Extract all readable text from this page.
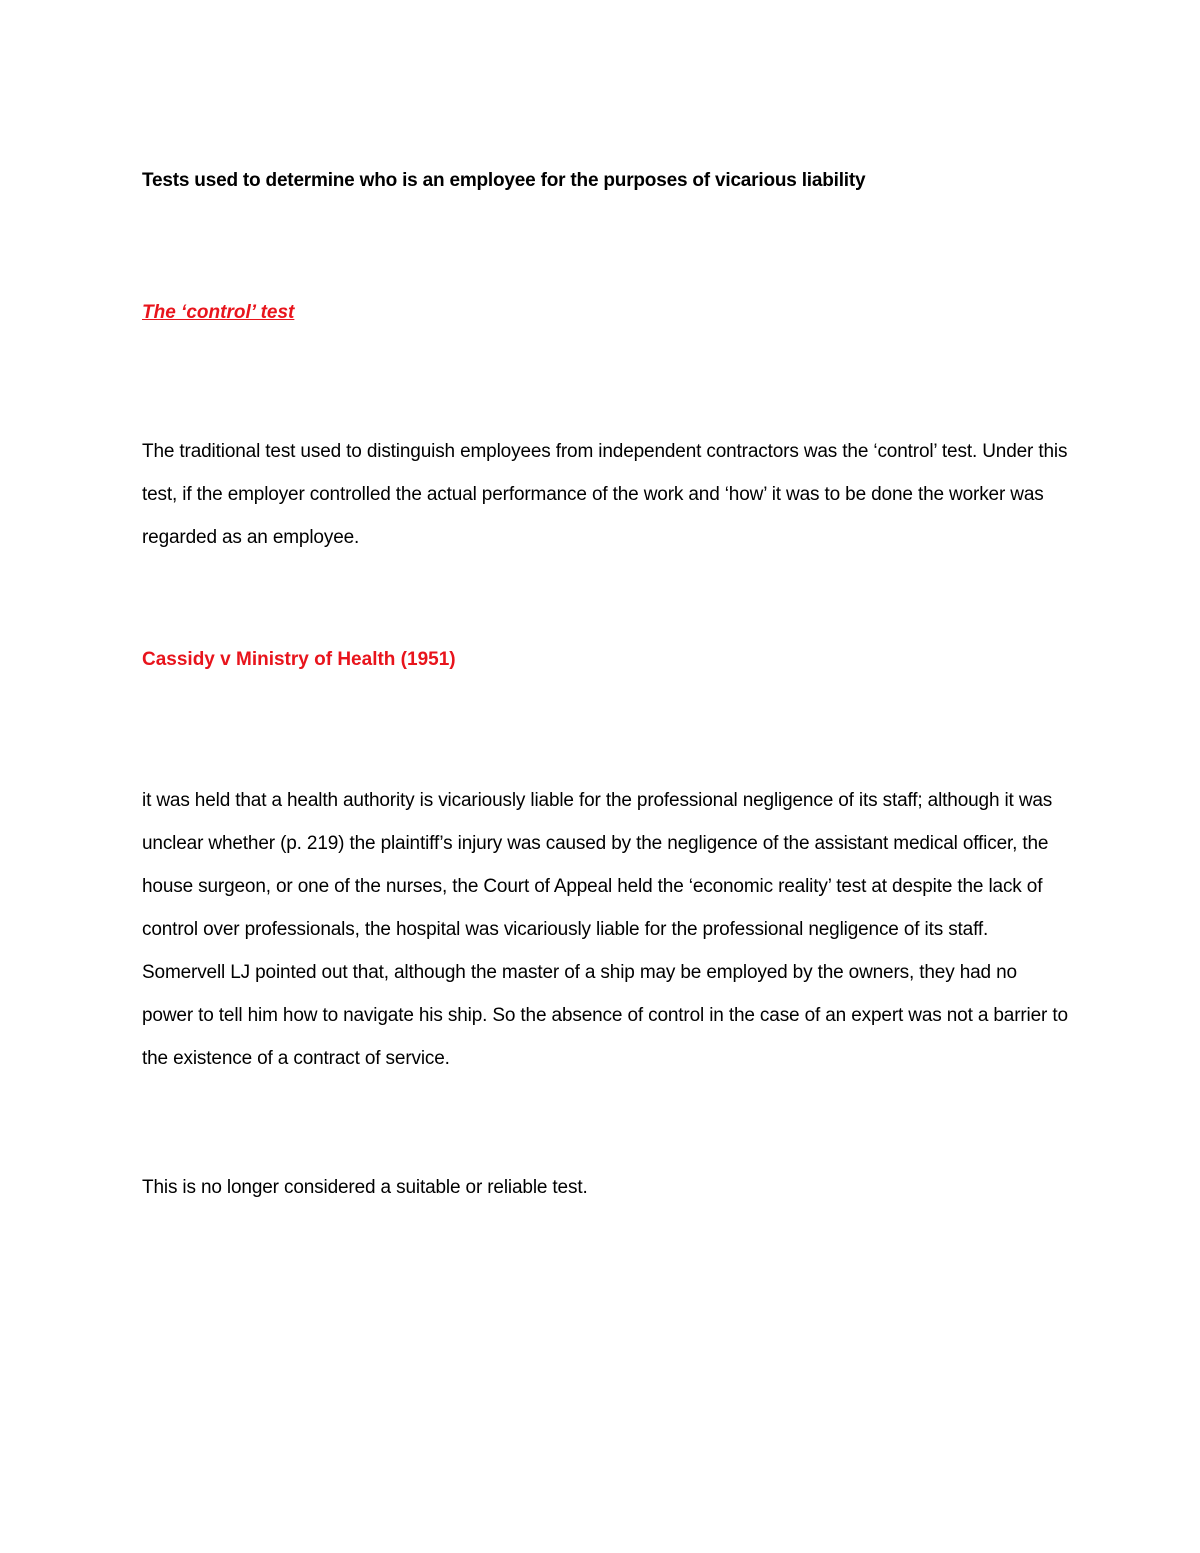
Tests used to determine who is an employee for the purposes of vicarious liability

The ‘control’ test

The traditional test used to distinguish employees from independent contractors was the ‘control’ test. Under this test, if the employer controlled the actual performance of the work and ‘how’ it was to be done the worker was regarded as an employee.

Cassidy v Ministry of Health (1951)

it was held that a health authority is vicariously liable for the professional negligence of its staff; although it was unclear whether (p. 219) the plaintiff’s injury was caused by the negligence of the assistant medical officer, the house surgeon, or one of the nurses, the Court of Appeal held the ‘economic reality’ test at despite the lack of control over professionals, the hospital was vicariously liable for the professional negligence of its staff. Somervell LJ pointed out that, although the master of a ship may be employed by the owners, they had no power to tell him how to navigate his ship. So the absence of control in the case of an expert was not a barrier to the existence of a contract of service.

This is no longer considered a suitable or reliable test.
